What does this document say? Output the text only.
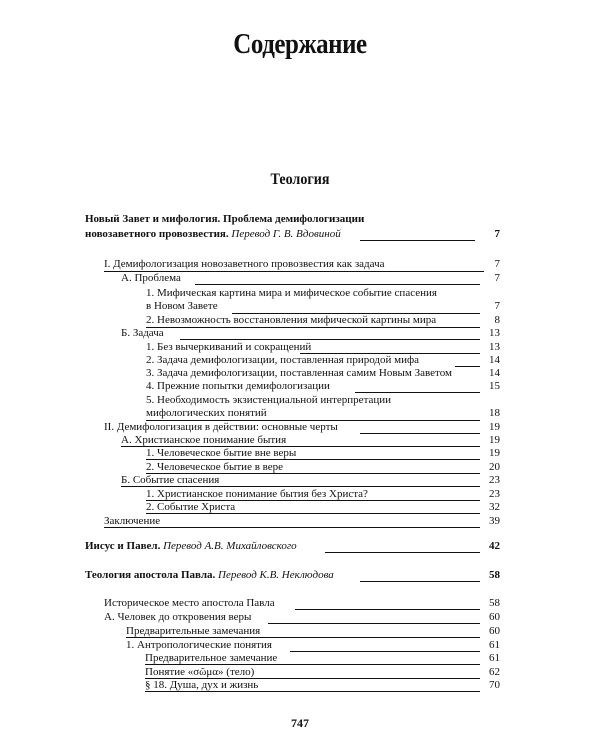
Содержание
Теология
Новый Завет и мифология. Проблема демифологизации
новозаветного провозвестия. Перевод Г. В. Вдовиной	7
I. Демифологизация новозаветного провозвестия как задача	7
А. Проблема	7
1. Мифическая картина мира и мифическое событие спасения
в Новом Завете	7
2. Невозможность восстановления мифической картины мира	8
Б. Задача	13
1. Без вычеркиваний и сокращений	13
2. Задача демифологизации, поставленная природой мифа	14
3. Задача демифологизации, поставленная самим Новым Заветом	14
4. Прежние попытки демифологизации	15
5. Необходимость экзистенциальной интерпретации
мифологических понятий	18
II. Демифологизация в действии: основные черты	19
А. Христианское понимание бытия	19
1. Человеческое бытие вне веры	19
2. Человеческое бытие в вере	20
Б. Событие спасения	23
1. Христианское понимание бытия без Христа?	23
2. Событие Христа	32
Заключение	39
Иисус и Павел. Перевод А.В. Михайловского	42
Теология апостола Павла. Перевод К.В. Неклюдова	58
Историческое место апостола Павла	58
А. Человек до откровения веры	60
Предварительные замечания	60
1. Антропологические понятия	61
Предварительное замечание	61
Понятие «σῶμα» (тело)	62
§ 18. Душа, дух и жизнь	70
747
